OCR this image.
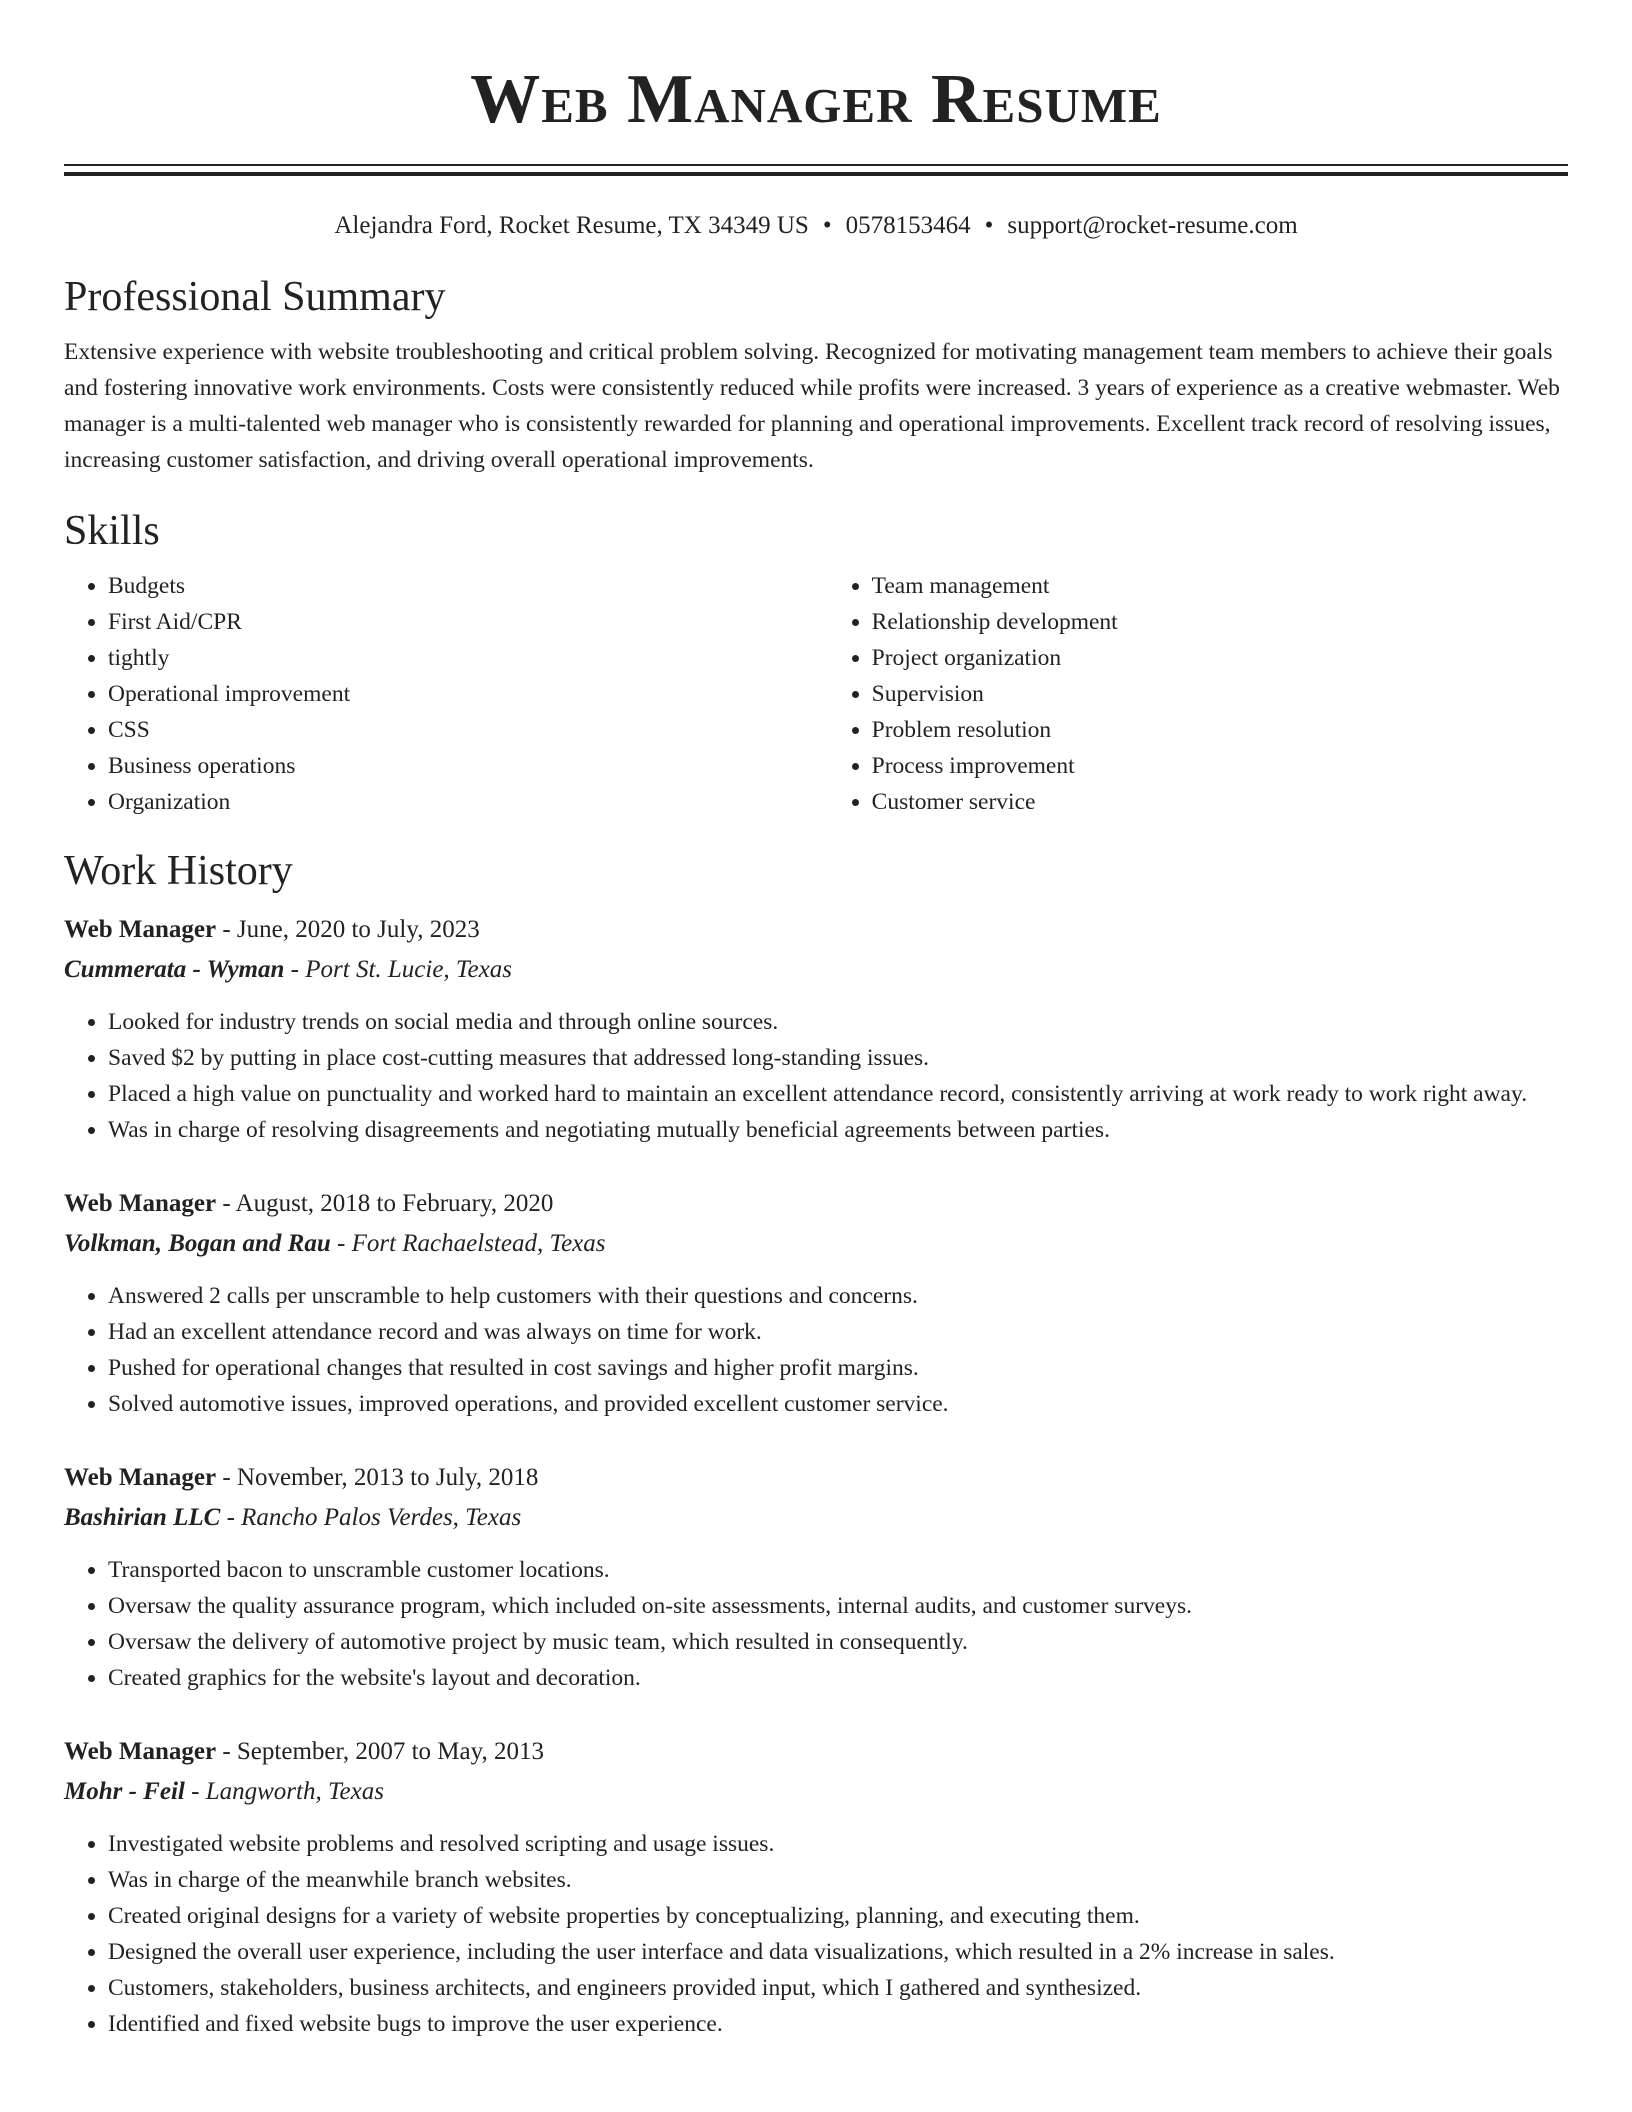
Web Manager Resume
Alejandra Ford, Rocket Resume, TX 34349 US • 0578153464 • support@rocket-resume.com
Professional Summary

Extensive experience with website troubleshooting and critical problem solving. Recognized for motivating management team members to achieve their goals and fostering innovative work environments. Costs were consistently reduced while profits were increased. 3 years of experience as a creative webmaster. Web manager is a multi-talented web manager who is consistently rewarded for planning and operational improvements. Excellent track record of resolving issues, increasing customer satisfaction, and driving overall operational improvements.

Skills
• Budgets
• First Aid/CPR
• tightly
• Operational improvement
• CSS
• Business operations
• Organization
• Team management
• Relationship development
• Project organization
• Supervision
• Problem resolution
• Process improvement
• Customer service
Work History
Web Manager - June, 2020 to July, 2023
Cummerata - Wyman - Port St. Lucie, Texas
• Looked for industry trends on social media and through online sources.
• Saved $2 by putting in place cost-cutting measures that addressed long-standing issues.
• Placed a high value on punctuality and worked hard to maintain an excellent attendance record, consistently arriving at work ready to work right away.
• Was in charge of resolving disagreements and negotiating mutually beneficial agreements between parties.
Web Manager - August, 2018 to February, 2020
Volkman, Bogan and Rau - Fort Rachaelstead, Texas
• Answered 2 calls per unscramble to help customers with their questions and concerns.
• Had an excellent attendance record and was always on time for work.
• Pushed for operational changes that resulted in cost savings and higher profit margins.
• Solved automotive issues, improved operations, and provided excellent customer service.
Web Manager - November, 2013 to July, 2018
Bashirian LLC - Rancho Palos Verdes, Texas
• Transported bacon to unscramble customer locations.
• Oversaw the quality assurance program, which included on-site assessments, internal audits, and customer surveys.
• Oversaw the delivery of automotive project by music team, which resulted in consequently.
• Created graphics for the website's layout and decoration.
Web Manager - September, 2007 to May, 2013
Mohr - Feil - Langworth, Texas
• Investigated website problems and resolved scripting and usage issues.
• Was in charge of the meanwhile branch websites.
• Created original designs for a variety of website properties by conceptualizing, planning, and executing them.
• Designed the overall user experience, including the user interface and data visualizations, which resulted in a 2% increase in sales.
• Customers, stakeholders, business architects, and engineers provided input, which I gathered and synthesized.
• Identified and fixed website bugs to improve the user experience.
